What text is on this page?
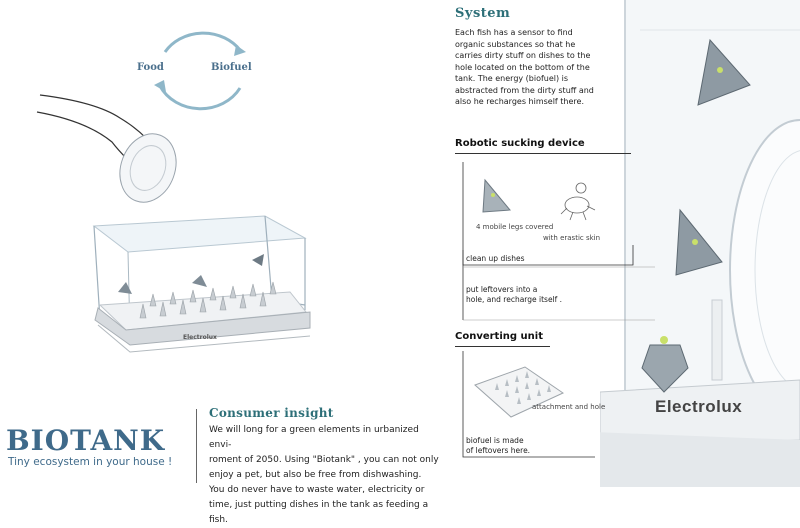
Food	Biofuel
Electrolux
BIOTANK
Tiny ecosystem in your house !
Consumer insight
We will long for a green elements in urbanized envi-
roment of 2050. Using "Biotank" , you can not only
enjoy a pet, but also be free from dishwashing.
You do never have to waste water, electricity or
time, just putting dishes in the tank as feeding a fish.
Electrolux
System
Each fish has a sensor to find
organic substances so that he
carries dirty stuff on dishes to the
hole located on the bottom of the
tank. The energy (biofuel) is
abstracted from the dirty stuff and
also he recharges himself there.
Robotic sucking device
4 mobile legs covered
with erastic skin
clean up dishes
put leftovers into a
hole, and recharge itself .
Converting unit
attachment and hole
biofuel is made
of leftovers here.
